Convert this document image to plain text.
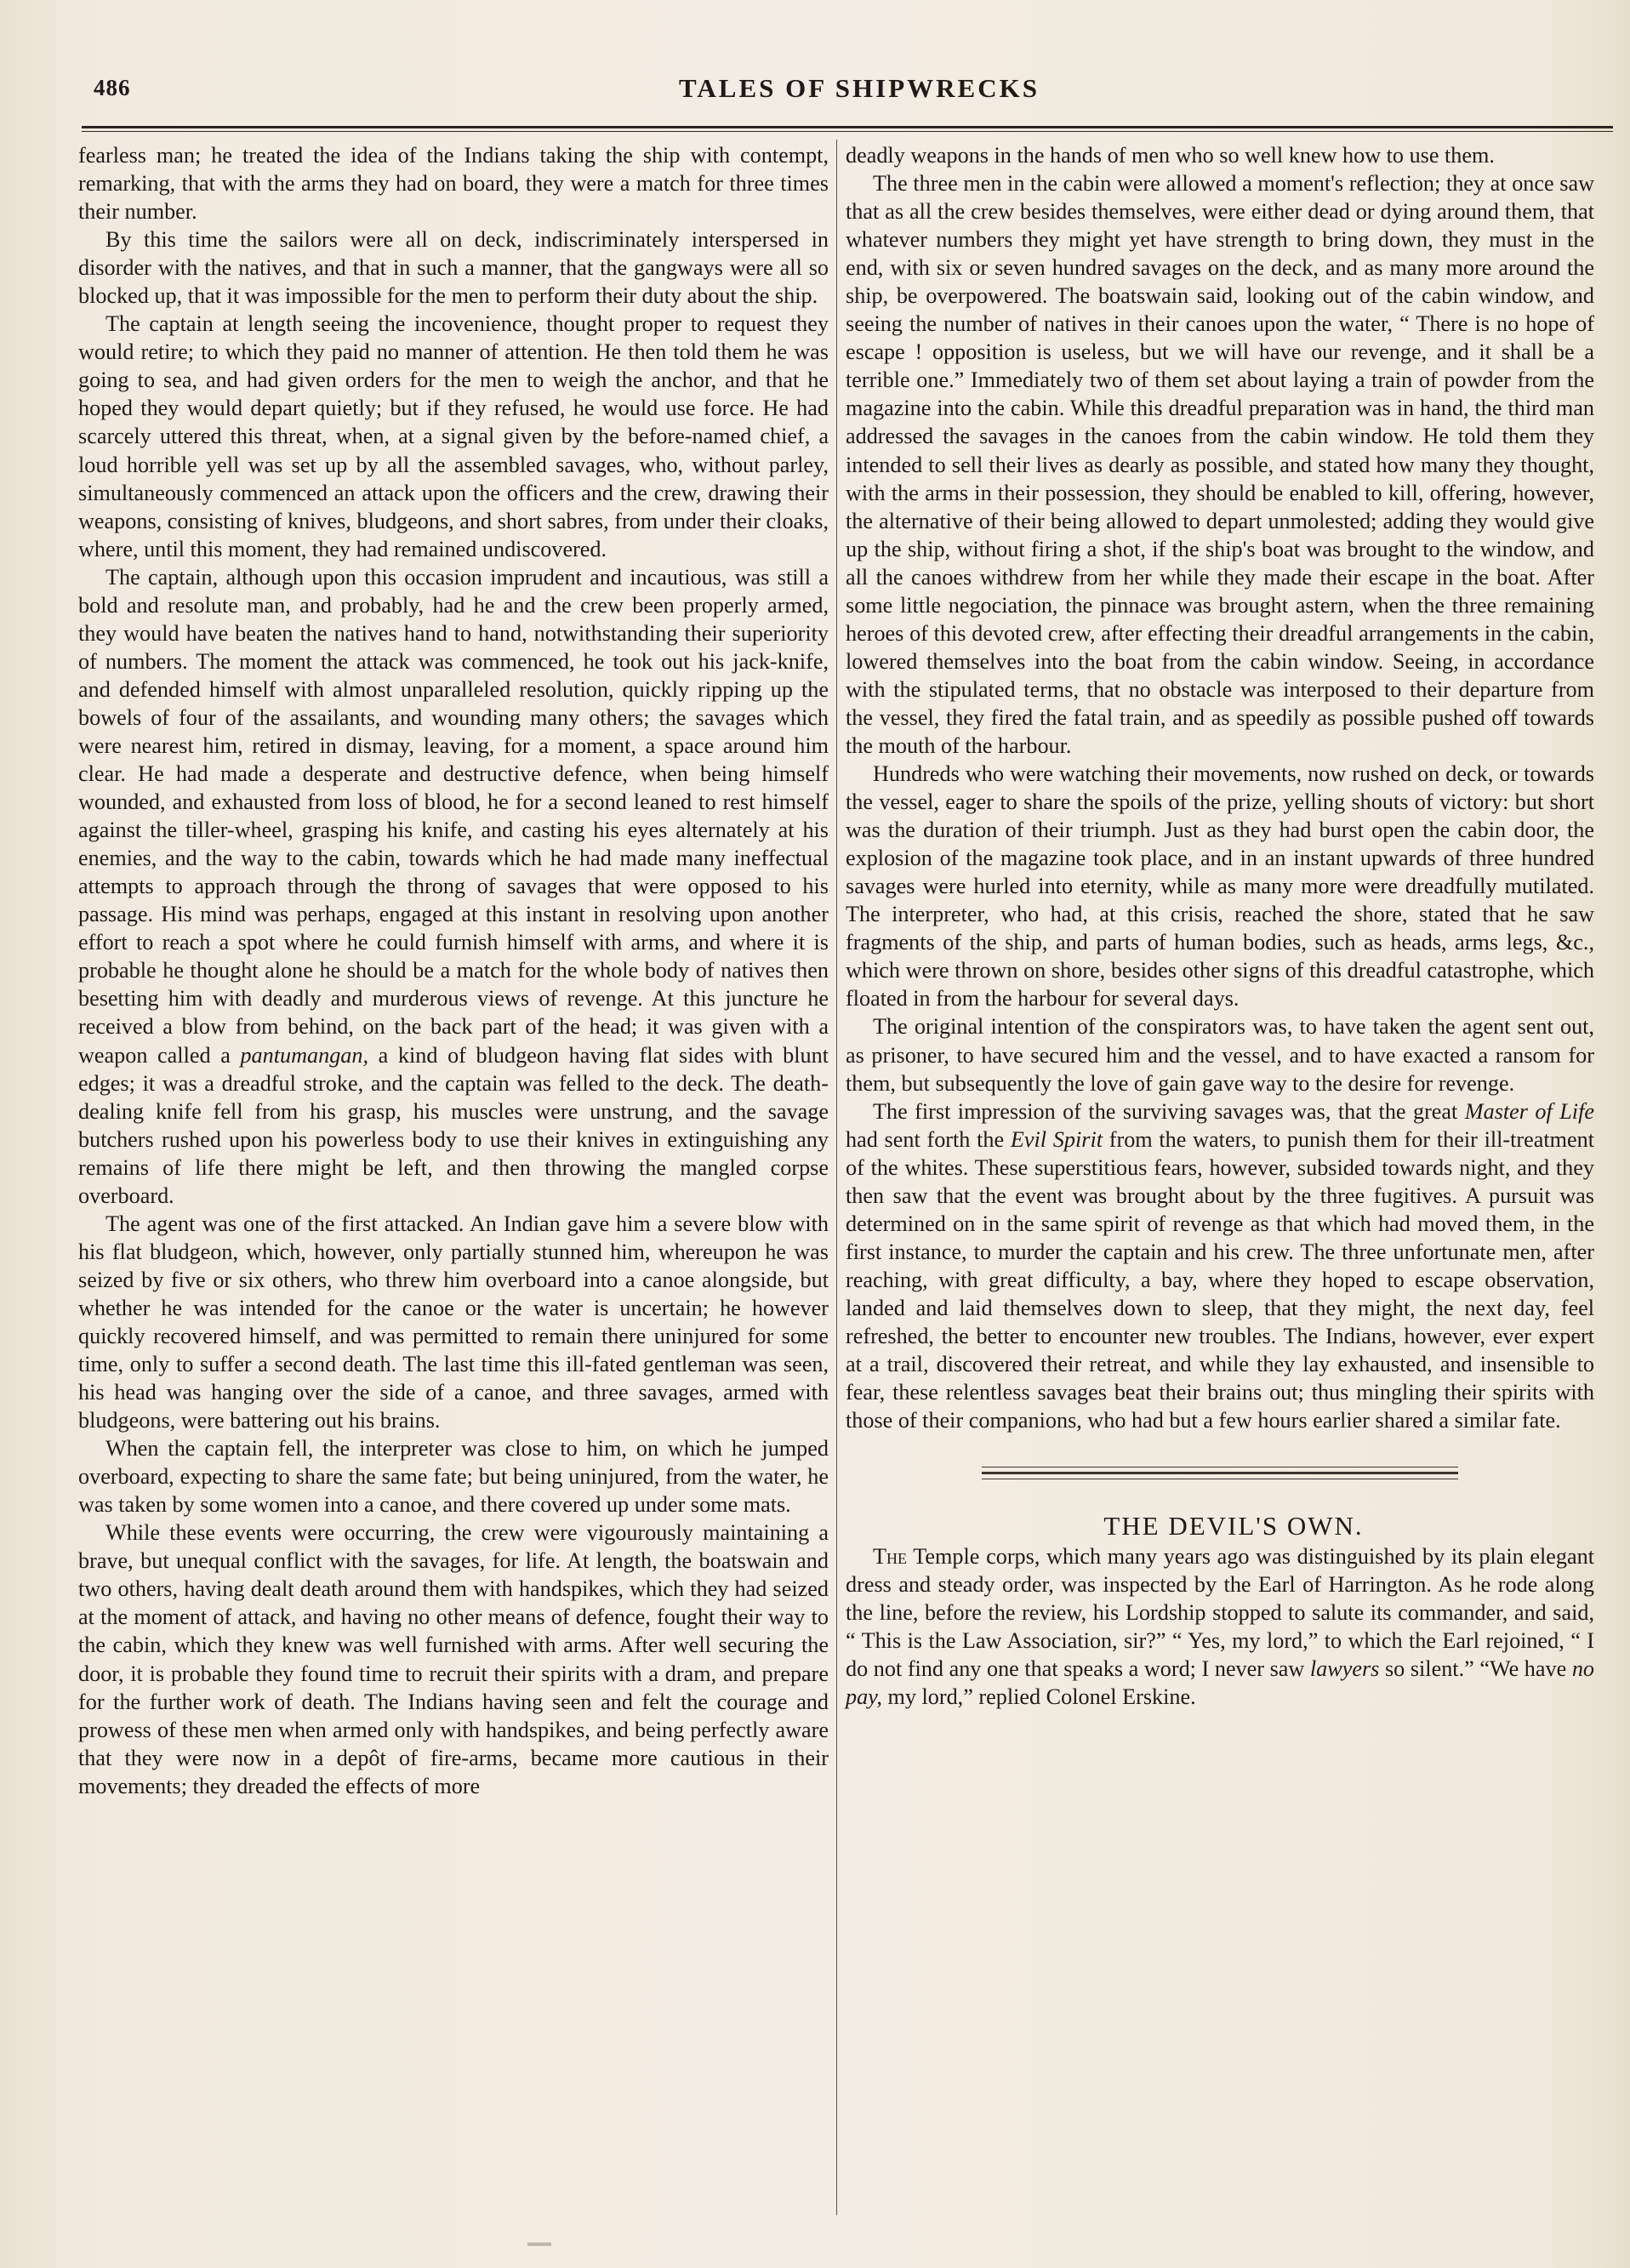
486	TALES OF SHIPWRECKS

fearless man; he treated the idea of the Indians taking the ship with contempt, remarking, that with the arms they had on board, they were a match for three times their number.

By this time the sailors were all on deck, indiscriminately interspersed in disorder with the natives, and that in such a manner, that the gangways were all so blocked up, that it was impossible for the men to perform their duty about the ship.

The captain at length seeing the incovenience, thought proper to request they would retire; to which they paid no manner of attention. He then told them he was going to sea, and had given orders for the men to weigh the anchor, and that he hoped they would depart quietly; but if they refused, he would use force. He had scarcely uttered this threat, when, at a signal given by the before-named chief, a loud horrible yell was set up by all the assembled savages, who, without parley, simultaneously commenced an attack upon the officers and the crew, drawing their weapons, consisting of knives, bludgeons, and short sabres, from under their cloaks, where, until this moment, they had remained undiscovered.

The captain, although upon this occasion imprudent and incautious, was still a bold and resolute man, and probably, had he and the crew been properly armed, they would have beaten the natives hand to hand, notwithstanding their superiority of numbers. The moment the attack was commenced, he took out his jack-knife, and defended himself with almost unparalleled resolution, quickly ripping up the bowels of four of the assailants, and wounding many others; the savages which were nearest him, retired in dismay, leaving, for a moment, a space around him clear. He had made a desperate and destructive defence, when being himself wounded, and exhausted from loss of blood, he for a second leaned to rest himself against the tiller-wheel, grasping his knife, and casting his eyes alternately at his enemies, and the way to the cabin, towards which he had made many ineffectual attempts to approach through the throng of savages that were opposed to his passage. His mind was perhaps, engaged at this instant in resolving upon another effort to reach a spot where he could furnish himself with arms, and where it is probable he thought alone he should be a match for the whole body of natives then besetting him with deadly and murderous views of revenge. At this juncture he received a blow from behind, on the back part of the head; it was given with a weapon called a pantumangan, a kind of bludgeon having flat sides with blunt edges; it was a dreadful stroke, and the captain was felled to the deck. The death-dealing knife fell from his grasp, his muscles were unstrung, and the savage butchers rushed upon his powerless body to use their knives in extinguishing any remains of life there might be left, and then throwing the mangled corpse overboard.

The agent was one of the first attacked. An Indian gave him a severe blow with his flat bludgeon, which, however, only partially stunned him, whereupon he was seized by five or six others, who threw him overboard into a canoe alongside, but whether he was intended for the canoe or the water is uncertain; he however quickly recovered himself, and was permitted to remain there uninjured for some time, only to suffer a second death. The last time this ill-fated gentleman was seen, his head was hanging over the side of a canoe, and three savages, armed with bludgeons, were battering out his brains.

When the captain fell, the interpreter was close to him, on which he jumped overboard, expecting to share the same fate; but being uninjured, from the water, he was taken by some women into a canoe, and there covered up under some mats.

While these events were occurring, the crew were vigourously maintaining a brave, but unequal conflict with the savages, for life. At length, the boatswain and two others, having dealt death around them with handspikes, which they had seized at the moment of attack, and having no other means of defence, fought their way to the cabin, which they knew was well furnished with arms. After well securing the door, it is probable they found time to recruit their spirits with a dram, and prepare for the further work of death. The Indians having seen and felt the courage and prowess of these men when armed only with handspikes, and being perfectly aware that they were now in a depôt of fire-arms, became more cautious in their movements; they dreaded the effects of more

deadly weapons in the hands of men who so well knew how to use them.

The three men in the cabin were allowed a moment's reflection; they at once saw that as all the crew besides themselves, were either dead or dying around them, that whatever numbers they might yet have strength to bring down, they must in the end, with six or seven hundred savages on the deck, and as many more around the ship, be overpowered. The boatswain said, looking out of the cabin window, and seeing the number of natives in their canoes upon the water, “ There is no hope of escape ! opposition is useless, but we will have our revenge, and it shall be a terrible one.” Immediately two of them set about laying a train of powder from the magazine into the cabin. While this dreadful preparation was in hand, the third man addressed the savages in the canoes from the cabin window. He told them they intended to sell their lives as dearly as possible, and stated how many they thought, with the arms in their possession, they should be enabled to kill, offering, however, the alternative of their being allowed to depart unmolested; adding they would give up the ship, without firing a shot, if the ship's boat was brought to the window, and all the canoes withdrew from her while they made their escape in the boat. After some little negociation, the pinnace was brought astern, when the three remaining heroes of this devoted crew, after effecting their dreadful arrangements in the cabin, lowered themselves into the boat from the cabin window. Seeing, in accordance with the stipulated terms, that no obstacle was interposed to their departure from the vessel, they fired the fatal train, and as speedily as possible pushed off towards the mouth of the harbour.

Hundreds who were watching their movements, now rushed on deck, or towards the vessel, eager to share the spoils of the prize, yelling shouts of victory: but short was the duration of their triumph. Just as they had burst open the cabin door, the explosion of the magazine took place, and in an instant upwards of three hundred savages were hurled into eternity, while as many more were dreadfully mutilated. The interpreter, who had, at this crisis, reached the shore, stated that he saw fragments of the ship, and parts of human bodies, such as heads, arms legs, &c., which were thrown on shore, besides other signs of this dreadful catastrophe, which floated in from the harbour for several days.

The original intention of the conspirators was, to have taken the agent sent out, as prisoner, to have secured him and the vessel, and to have exacted a ransom for them, but subsequently the love of gain gave way to the desire for revenge.

The first impression of the surviving savages was, that the great Master of Life had sent forth the Evil Spirit from the waters, to punish them for their ill-treatment of the whites. These superstitious fears, however, subsided towards night, and they then saw that the event was brought about by the three fugitives. A pursuit was determined on in the same spirit of revenge as that which had moved them, in the first instance, to murder the captain and his crew. The three unfortunate men, after reaching, with great difficulty, a bay, where they hoped to escape observation, landed and laid themselves down to sleep, that they might, the next day, feel refreshed, the better to encounter new troubles. The Indians, however, ever expert at a trail, discovered their retreat, and while they lay exhausted, and insensible to fear, these relentless savages beat their brains out; thus mingling their spirits with those of their companions, who had but a few hours earlier shared a similar fate.

THE DEVIL'S OWN.

The Temple corps, which many years ago was distinguished by its plain elegant dress and steady order, was inspected by the Earl of Harrington. As he rode along the line, before the review, his Lordship stopped to salute its commander, and said, “ This is the Law Association, sir?” “ Yes, my lord,” to which the Earl rejoined, “ I do not find any one that speaks a word; I never saw lawyers so silent.” “We have no pay, my lord,” replied Colonel Erskine.
